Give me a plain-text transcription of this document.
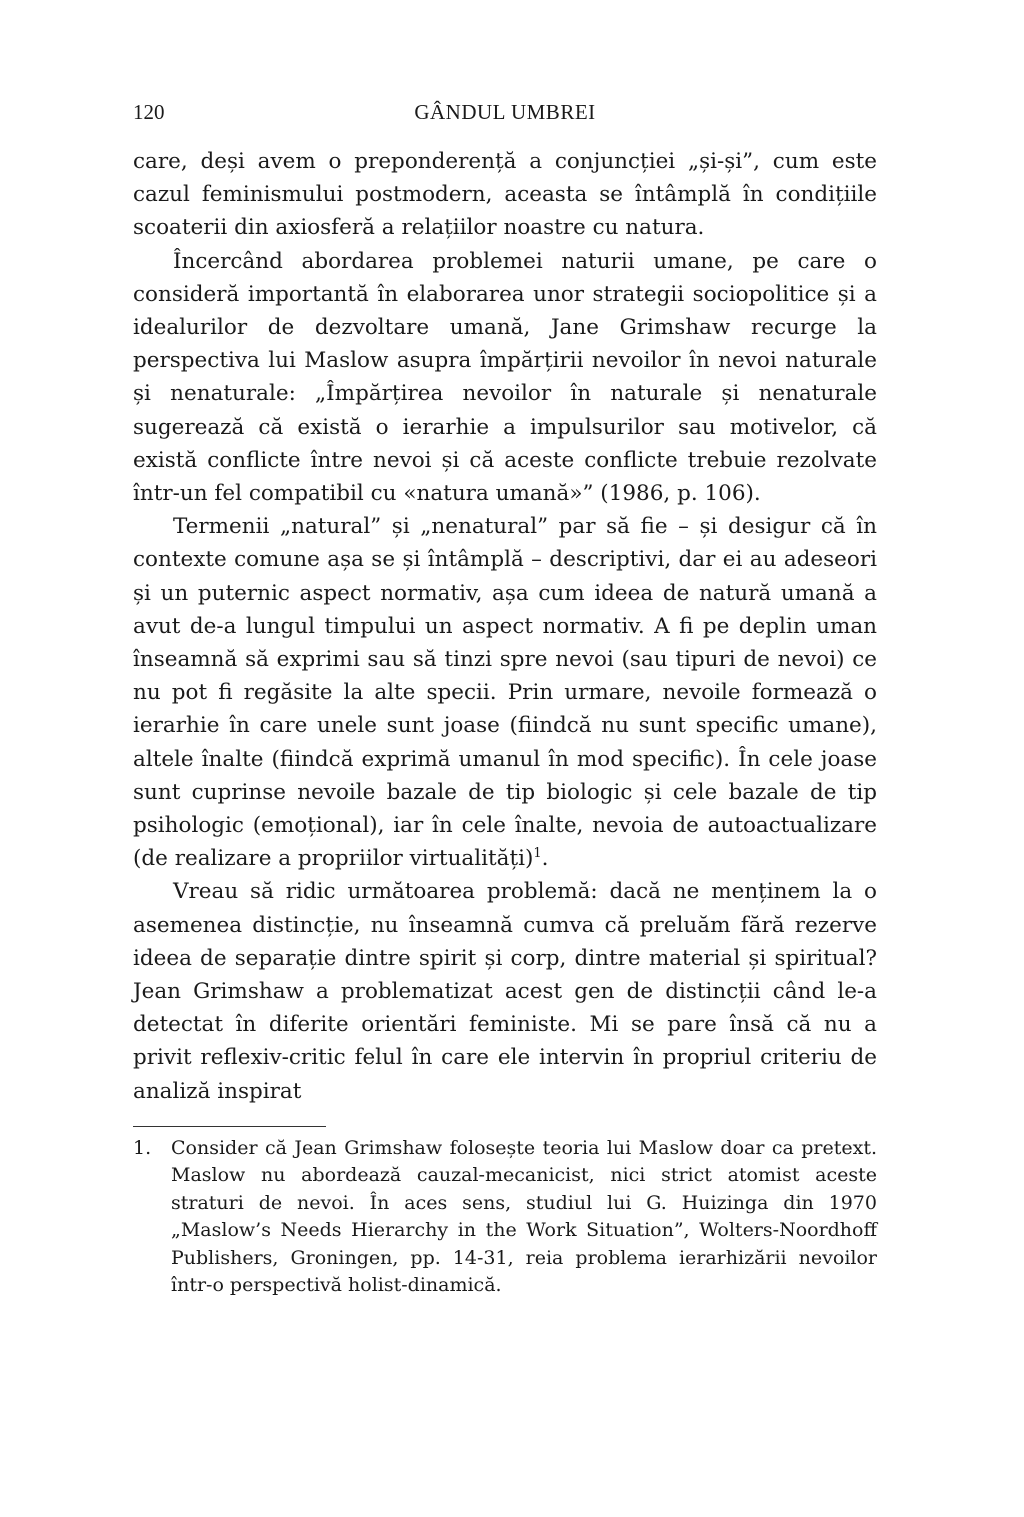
120	GÂNDUL UMBREI

care, deși avem o preponderență a conjuncției „și-și”, cum este cazul feminismului postmodern, aceasta se întâmplă în condițiile scoaterii din axiosferă a relațiilor noastre cu natura.

Încercând abordarea problemei naturii umane, pe care o consideră importantă în elaborarea unor strategii sociopolitice și a idealurilor de dezvoltare umană, Jane Grimshaw recurge la perspectiva lui Maslow asupra împărțirii nevoilor în nevoi naturale și nenaturale: „Împărțirea nevoilor în naturale și nenaturale sugerează că există o ierarhie a impulsurilor sau motivelor, că există conflicte între nevoi și că aceste conflicte trebuie rezolvate într-un fel compatibil cu «natura umană»” (1986, p. 106).

Termenii „natural” și „nenatural” par să fie – și desigur că în contexte comune așa se și întâmplă – descriptivi, dar ei au adeseori și un puternic aspect normativ, așa cum ideea de natură umană a avut de-a lungul timpului un aspect normativ. A fi pe deplin uman înseamnă să exprimi sau să tinzi spre nevoi (sau tipuri de nevoi) ce nu pot fi regăsite la alte specii. Prin urmare, nevoile formează o ierarhie în care unele sunt joase (fiindcă nu sunt specific umane), altele înalte (fiindcă exprimă umanul în mod specific). În cele joase sunt cuprinse nevoile bazale de tip biologic și cele bazale de tip psihologic (emoțional), iar în cele înalte, nevoia de autoactualizare (de realizare a propriilor virtualități)$^1$.

Vreau să ridic următoarea problemă: dacă ne menținem la o asemenea distincție, nu înseamnă cumva că preluăm fără rezerve ideea de separație dintre spirit și corp, dintre material și spiritual? Jean Grimshaw a problematizat acest gen de distincții când le-a detectat în diferite orientări feministe. Mi se pare însă că nu a privit reflexiv-critic felul în care ele intervin în propriul criteriu de analiză inspirat

1. Consider că Jean Grimshaw folosește teoria lui Maslow doar ca pretext. Maslow nu abordează cauzal-mecanicist, nici strict atomist aceste straturi de nevoi. În aces sens, studiul lui G. Huizinga din 1970 „Maslow’s Needs Hierarchy in the Work Situation”, Wolters-Noordhoff Publishers, Groningen, pp. 14-31, reia problema ierarhizării nevoilor într-o perspectivă holist-dinamică.
